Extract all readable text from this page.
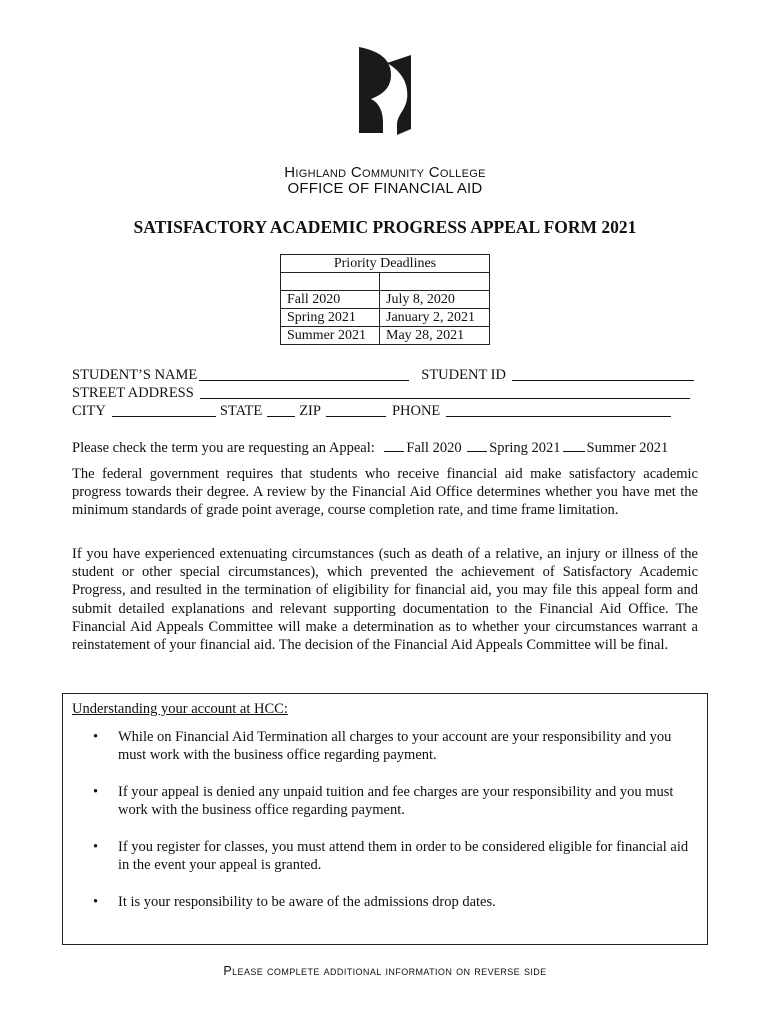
Highland Community College
OFFICE OF FINANCIAL AID
SATISFACTORY ACADEMIC PROGRESS APPEAL FORM 2021
Priority Deadlines	

Fall 2020	July 8, 2020
Spring 2021	January 2, 2021
Summer 2021	May 28, 2021
STUDENT’S NAME	STUDENT ID
STREET ADDRESS
CITY	STATE	ZIP	PHONE
Please check the term you are requesting an Appeal: Fall 2020 Spring 2021 Summer 2021
The federal government requires that students who receive financial aid make satisfactory academic progress towards their degree. A review by the Financial Aid Office determines whether you have met the minimum standards of grade point average, course completion rate, and time frame limitation.
If you have experienced extenuating circumstances (such as death of a relative, an injury or illness of the student or other special circumstances), which prevented the achievement of Satisfactory Academic Progress, and resulted in the termination of eligibility for financial aid, you may file this appeal form and submit detailed explanations and relevant supporting documentation to the Financial Aid Office. The Financial Aid Appeals Committee will make a determination as to whether your circumstances warrant a reinstatement of your financial aid. The decision of the Financial Aid Appeals Committee will be final.
Understanding your account at HCC:
• While on Financial Aid Termination all charges to your account are your responsibility and you must work with the business office regarding payment.
• If your appeal is denied any unpaid tuition and fee charges are your responsibility and you must work with the business office regarding payment.
• If you register for classes, you must attend them in order to be considered eligible for financial aid in the event your appeal is granted.
• It is your responsibility to be aware of the admissions drop dates.
Please complete additional information on reverse side
